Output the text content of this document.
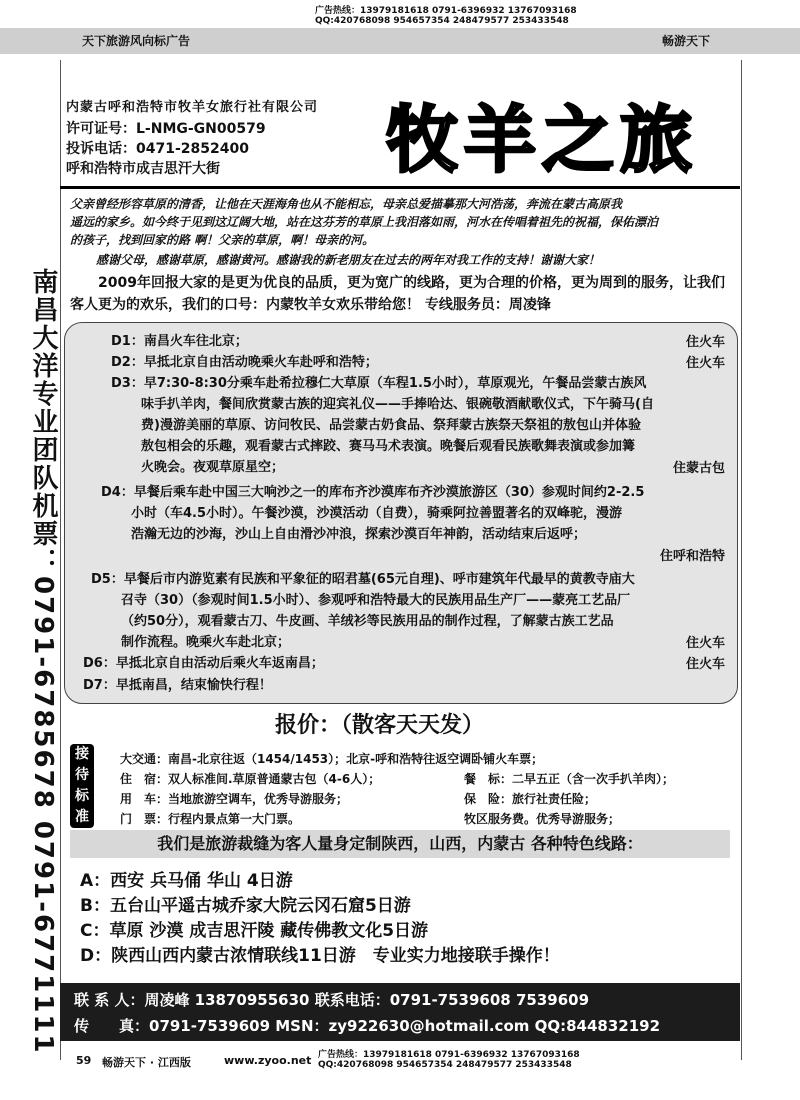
广告热线：13979181618 0791-6396932 13767093168
QQ:420768098 954657354 248479577 253433548
天下旅游风向标广告	畅游天下
南昌大洋专业团队机票：0791-6785678 0791-6771111
内蒙古呼和浩特市牧羊女旅行社有限公司
许可证号：L-NMG-GN00579
投诉电话：0471-2852400
呼和浩特市成吉思汗大街 牧羊之旅
父亲曾经形容草原的清香，让他在天涯海角也从不能相忘，母亲总爱描摹那大河浩荡，奔流在蒙古高原我
遥远的家乡。如今终于见到这辽阔大地，站在这芬芳的草原上我泪落如雨，河水在传唱着祖先的祝福，保佑漂泊
的孩子，找到回家的路 啊！父亲的草原，啊！母亲的河。
感谢父母，感谢草原，感谢黄河。感谢我的新老朋友在过去的两年对我工作的支持！谢谢大家！
2009年回报大家的是更为优良的品质，更为宽广的线路，更为合理的价格，更为周到的服务，让我们客人更为的欢乐，我们的口号：内蒙牧羊女欢乐带给您！ 专线服务员：周凌锋
D1：南昌火车往北京；	住火车
D2：早抵北京自由活动晚乘火车赴呼和浩特；	住火车
D3：早7:30-8:30分乘车赴希拉穆仁大草原（车程1.5小时），草原观光，午餐品尝蒙古族风
味手扒羊肉，餐间欣赏蒙古族的迎宾礼仪——手捧哈达、银碗敬酒献歌仪式，下午骑马(自
费)漫游美丽的草原、访问牧民、品尝蒙古奶食品、祭拜蒙古族祭天祭祖的敖包山并体验
敖包相会的乐趣，观看蒙古式摔跤、赛马马术表演。晚餐后观看民族歌舞表演或参加篝
火晚会。夜观草原星空；	住蒙古包
D4：早餐后乘车赴中国三大响沙之一的库布齐沙漠库布齐沙漠旅游区（30）参观时间约2-2.5
小时（车4.5小时）。午餐沙漠，沙漠活动（自费），骑乘阿拉善盟著名的双峰驼，漫游
浩瀚无边的沙海，沙山上自由滑沙冲浪，探索沙漠百年神韵，活动结束后返呼；
住呼和浩特
D5：早餐后市内游览素有民族和平象征的昭君墓(65元自理)、呼市建筑年代最早的黄教寺庙大
召寺（30）（参观时间1.5小时）、参观呼和浩特最大的民族用品生产厂——蒙亮工艺品厂
（约50分），观看蒙古刀、牛皮画、羊绒衫等民族用品的制作过程，了解蒙古族工艺品
制作流程。晚乘火车赴北京；	住火车
D6：早抵北京自由活动后乘火车返南昌；	住火车
D7：早抵南昌，结束愉快行程！
报价：（散客天天发）
接待标准
大交通：南昌-北京往返（1454/1453）；北京-呼和浩特往返空调卧铺火车票；
住　宿：双人标准间.草原普通蒙古包（4-6人）；	餐　标：二早五正（含一次手扒羊肉）；
用　车：当地旅游空调车，优秀导游服务；	保　险：旅行社责任险；
门　票：行程内景点第一大门票。	牧区服务费。优秀导游服务；
我们是旅游裁缝为客人量身定制陕西，山西，内蒙古 各种特色线路：
A：西安 兵马俑 华山 4日游
B：五台山平遥古城乔家大院云冈石窟5日游
C：草原 沙漠 成吉思汗陵 藏传佛教文化5日游
D：陕西山西内蒙古浓情联线11日游　专业实力地接联手操作！
联 系 人：周凌峰 13870955630 联系电话：0791-7539608 7539609
传　　真：0791-7539609 MSN：zy922630@hotmail.com QQ:844832192
59 畅游天下 · 江西版	www.zyoo.net 广告热线：13979181618 0791-6396932 13767093168
QQ:420768098 954657354 248479577 253433548
